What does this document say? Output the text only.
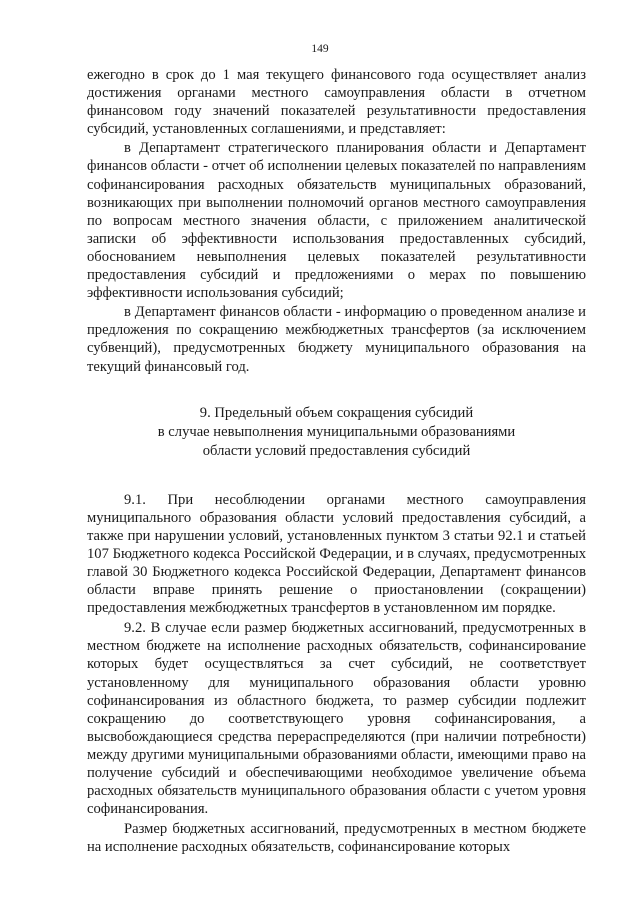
149

ежегодно в срок до 1 мая текущего финансового года осуществляет анализ достижения органами местного самоуправления области в отчетном финансовом году значений показателей результативности предоставления субсидий, установленных соглашениями, и представляет:

в Департамент стратегического планирования области и Департамент финансов области - отчет об исполнении целевых показателей по направлениям софинансирования расходных обязательств муниципальных образований, возникающих при выполнении полномочий органов местного самоуправления по вопросам местного значения области, с приложением аналитической записки об эффективности использования предоставленных субсидий, обоснованием невыполнения целевых показателей результативности предоставления субсидий и предложениями о мерах по повышению эффективности использования субсидий;

в Департамент финансов области - информацию о проведенном анализе и предложения по сокращению межбюджетных трансфертов (за исключением субвенций), предусмотренных бюджету муниципального образования на текущий финансовый год.

9. Предельный объем сокращения субсидий
в случае невыполнения муниципальными образованиями
области условий предоставления субсидий

9.1. При несоблюдении органами местного самоуправления муниципального образования области условий предоставления субсидий, а также при нарушении условий, установленных пунктом 3 статьи 92.1 и статьей 107 Бюджетного кодекса Российской Федерации, и в случаях, предусмотренных главой 30 Бюджетного кодекса Российской Федерации, Департамент финансов области вправе принять решение о приостановлении (сокращении) предоставления межбюджетных трансфертов в установленном им порядке.

9.2. В случае если размер бюджетных ассигнований, предусмотренных в местном бюджете на исполнение расходных обязательств, софинансирование которых будет осуществляться за счет субсидий, не соответствует установленному для муниципального образования области уровню софинансирования из областного бюджета, то размер субсидии подлежит сокращению до соответствующего уровня софинансирования, а высвобождающиеся средства перераспределяются (при наличии потребности) между другими муниципальными образованиями области, имеющими право на получение субсидий и обеспечивающими необходимое увеличение объема расходных обязательств муниципального образования области с учетом уровня софинансирования.

Размер бюджетных ассигнований, предусмотренных в местном бюджете на исполнение расходных обязательств, софинансирование которых
